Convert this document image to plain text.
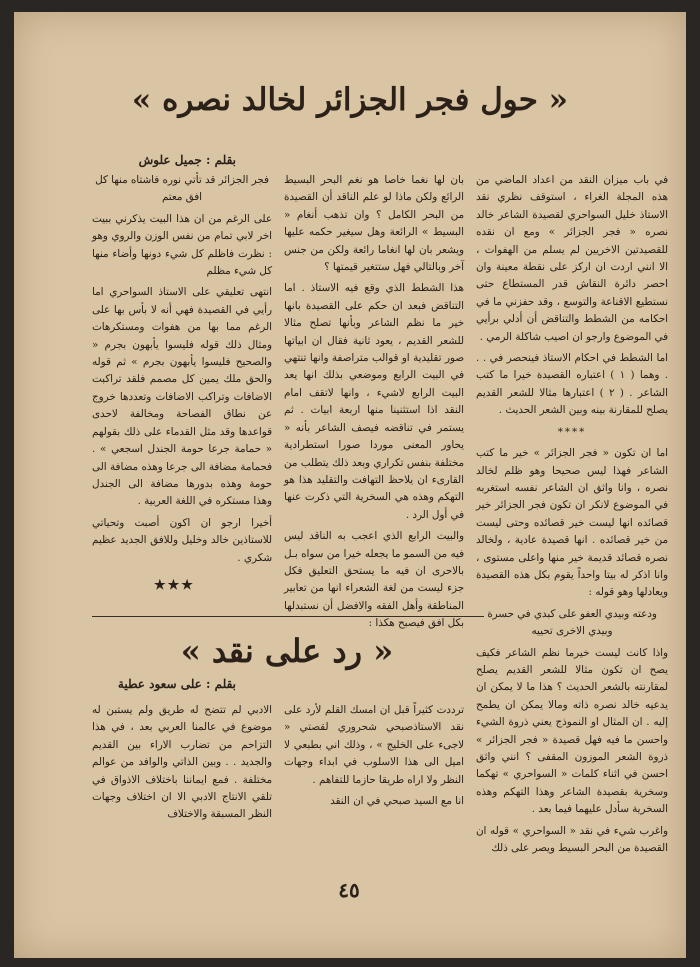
« حول فجر الجزائر لخالد نصره »
بقلم : جميل علوش

في باب ميزان النقد من اعداد الماضي من هذه المجلة الغراء ، استوقف نظري نقد الاستاذ خليل السواحري لقصيدة الشاعر خالد نصره « فجر الجزائر » ومع ان نقده للقصيدتين الاخريين لم يسلم من الهفوات ، الا انني اردت ان اركز على نقطة معينة وان احصر دائرة النقاش قدر المستطاع حتى نستطيع الاقناعة والتوسع ، وقد حفزني ما في احكامه من الشطط والتناقض أن أدلي برأيي في الموضوع وارجو ان اصيب شاكلة الرمي .

اما الشطط في احكام الاستاذ فينحصر في . . . وهما ( ١ ) اعتباره القصيدة خيرا ما كتب الشاعر . ( ٢ ) اعتبارها مثالا للشعر القديم يصلح للمقارنة بينه وبين الشعر الحديث .

****

اما ان تكون « فجر الجزائر » خير ما كتب الشاعر فهذا ليس صحيحا وهو ظلم لخالد نصره ، وانا واثق ان الشاعر نفسه استغربه في الموضوع لانكر ان تكون فجر الجزائر خير قصائده انها ليست خير قصائده وحتى ليست من خير قصائده . انها قصيدة عادية ، ولخالد نصره قصائد قديمة خير منها واعلى مستوى ، وانا اذكر له بيتا واحداً يقوم بكل هذه القصيدة ويعادلها وهو قوله :

ودعته وبيدي العفو على كبدي في حسرة وبيدي الاخرى تحييه

واذا كانت ليست خيرما نظم الشاعر فكيف يصح ان تكون مثالا للشعر القديم يصلح لمقارنته بالشعر الحديث ؟ هذا ما لا يمكن ان يدعيه خالد نصره ذاته ومالا يمكن ان يطمح إليه . ان المثال او النموذج يعني ذروة الشيء واحسن ما فيه فهل قصيدة « فجر الجزائر » ذروة الشعر الموزون المقفى ؟ انني واثق احسن في اثناء كلمات « السواحري » تهكما وسخرية بقصيدة الشاعر وهذا التهكم وهذه السخرية سأدل عليهما فيما بعد .

واغرب شيء في نقد « السواحري » قوله ان القصيدة من البحر البسيط ويصر على ذلك

بان لها نغما خاصا هو نغم البحر البسيط الرائع ولكن ماذا لو علم الناقد أن القصيدة من البحر الكامل ؟ وان تذهب أنغام « البسيط » الرائعة وهل سيغير حكمه عليها ويشعر بان لها انغاما رائعة ولكن من جنس آخر وبالتالي فهل ستتغير قيمتها ؟

هذا الشطط الذي وقع فيه الاستاذ . اما التناقض فبعد ان حكم على القصيدة بانها خير ما نظم الشاعر وبأنها تصلح مثالا للشعر القديم ، يعود ثانية فقال ان ابياتها صور تقليدية او قوالب متراصفة وانها تنتهي في البيت الرابع وموضعي بذلك انها يعد البيت الرابع لاشيء ، وانها لاتقف امام النقد اذا استثنينا منها اربعة ابيات . ثم يستمر في تناقضه فيصف الشاعر بأنه « يحاور المعنى موردا صورا استطرادية مختلفة بنفس تكراري وبعد ذلك يتطلب من القارىء ان يلاحظ التهافت والتقليد هذا هو التهكم وهذه هي السخرية التي ذكرت عنها في أول الرد .

والبيت الرابع الذي اعجب به الناقد ليس فيه من السمو ما يجعله خيرا من سواه بـل بالاحرى ان فيه ما يستحق التعليق فكل جزء ليست من لغة الشعراء انها من تعابير المناطقة وأهل الفقه والافضل أن نستبدلها بكل افق فيصبح هكذا :

فجر الجزائر قد تأتي نوره فاشتاه منها كل افق معتم

على الرغم من ان هذا البيت يذكرني ببيت اخر لابي تمام من نفس الوزن والروي وهو : نظرت فاظلم كل شيء دونها وأضاء منها كل شيء مظلم

انتهى تعليقي على الاستاذ السواحري اما رأيي في القصيدة فهي أنه لا بأس بها على الرغم مما بها من هفوات ومستكرهات ومثال ذلك قوله فليسوا يأبهون بجرم « والصحيح فليسوا يأبهون بجرم » ثم قوله والحق ملك يمين كل مصمم فلقد تراكبت الاضافات وتراكب الاضافات وتعددها خروج عن نطاق الفصاحة ومخالفة لاحدى قواعدها وقد مثل القدماء على ذلك بقولهم « حمامة جرعا حومة الجندل اسجعي » . فحمامة مضافة الى جرعا وهذه مضافة الى حومة وهذه بدورها مضافة الى الجندل وهذا مستكره في اللغة العربية .

أخيرا ارجو ان اكون أصبت وتحياتي للاستاذين خالد وخليل وللافق الجديد عظيم شكري .

★★★
« رد على نقد »
بقلم : على سعود عطية

ترددت كثيراً قبل ان امسك القلم لأرد على نقد الاستاذصبحي شحروري لقصتي « لاجىء على الخليج » ، وذلك اني بطبعي لا اميل الى هذا الاسلوب في ابداء وجهات النظر ولا اراه طريقا حازما للتفاهم .

انا مع السيد صبحي في ان النقد

الادبي لم تتضح له طريق ولم يستبن له موضوع في عالمنا العربي بعد ، في هذا التزاحم من تضارب الاراء بين القديم والجديد . . وبين الذاتي والوافد من عوالم مختلفة . فمع ايماننا باختلاف الاذواق في تلقي الانتاج الادبي الا ان اختلاف وجهات النظر المسبقة والاختلاف

٤٥
